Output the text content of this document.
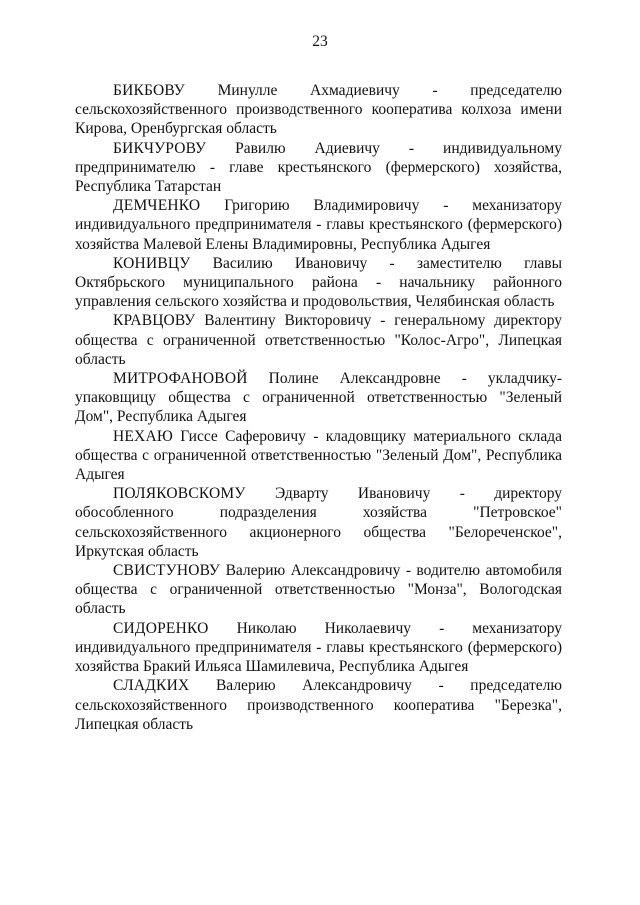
23

БИКБОВУ Минулле Ахмадиевичу - председателю сельскохозяйственного производственного кооператива колхоза имени Кирова, Оренбургская область

БИКЧУРОВУ Равилю Адиевичу - индивидуальному предпринимателю - главе крестьянского (фермерского) хозяйства, Республика Татарстан

ДЕМЧЕНКО Григорию Владимировичу - механизатору индивидуального предпринимателя - главы крестьянского (фермерского) хозяйства Малевой Елены Владимировны, Республика Адыгея

КОНИВЦУ Василию Ивановичу - заместителю главы Октябрьского муниципального района - начальнику районного управления сельского хозяйства и продовольствия, Челябинская область

КРАВЦОВУ Валентину Викторовичу - генеральному директору общества с ограниченной ответственностью "Колос-Агро", Липецкая область

МИТРОФАНОВОЙ Полине Александровне - укладчику-упаковщицу общества с ограниченной ответственностью "Зеленый Дом", Республика Адыгея

НЕХАЮ Гиссе Сaферовичу - кладовщику материального склада общества с ограниченной ответственностью "Зеленый Дом", Республика Адыгея

ПОЛЯКОВСКОМУ Эдварту Ивановичу - директору обособленного подразделения хозяйства "Петровское" сельскохозяйственного акционерного общества "Белореченское", Иркутская область

СВИСТУНОВУ Валерию Александровичу - водителю автомобиля общества с ограниченной ответственностью "Монза", Вологодская область

СИДОРЕНКО Николаю Николаевичу - механизатору индивидуального предпринимателя - главы крестьянского (фермерского) хозяйства Бракий Ильяса Шамилевича, Республика Адыгея

СЛАДКИХ Валерию Александровичу - председателю сельскохозяйственного производственного кооператива "Березка", Липецкая область
